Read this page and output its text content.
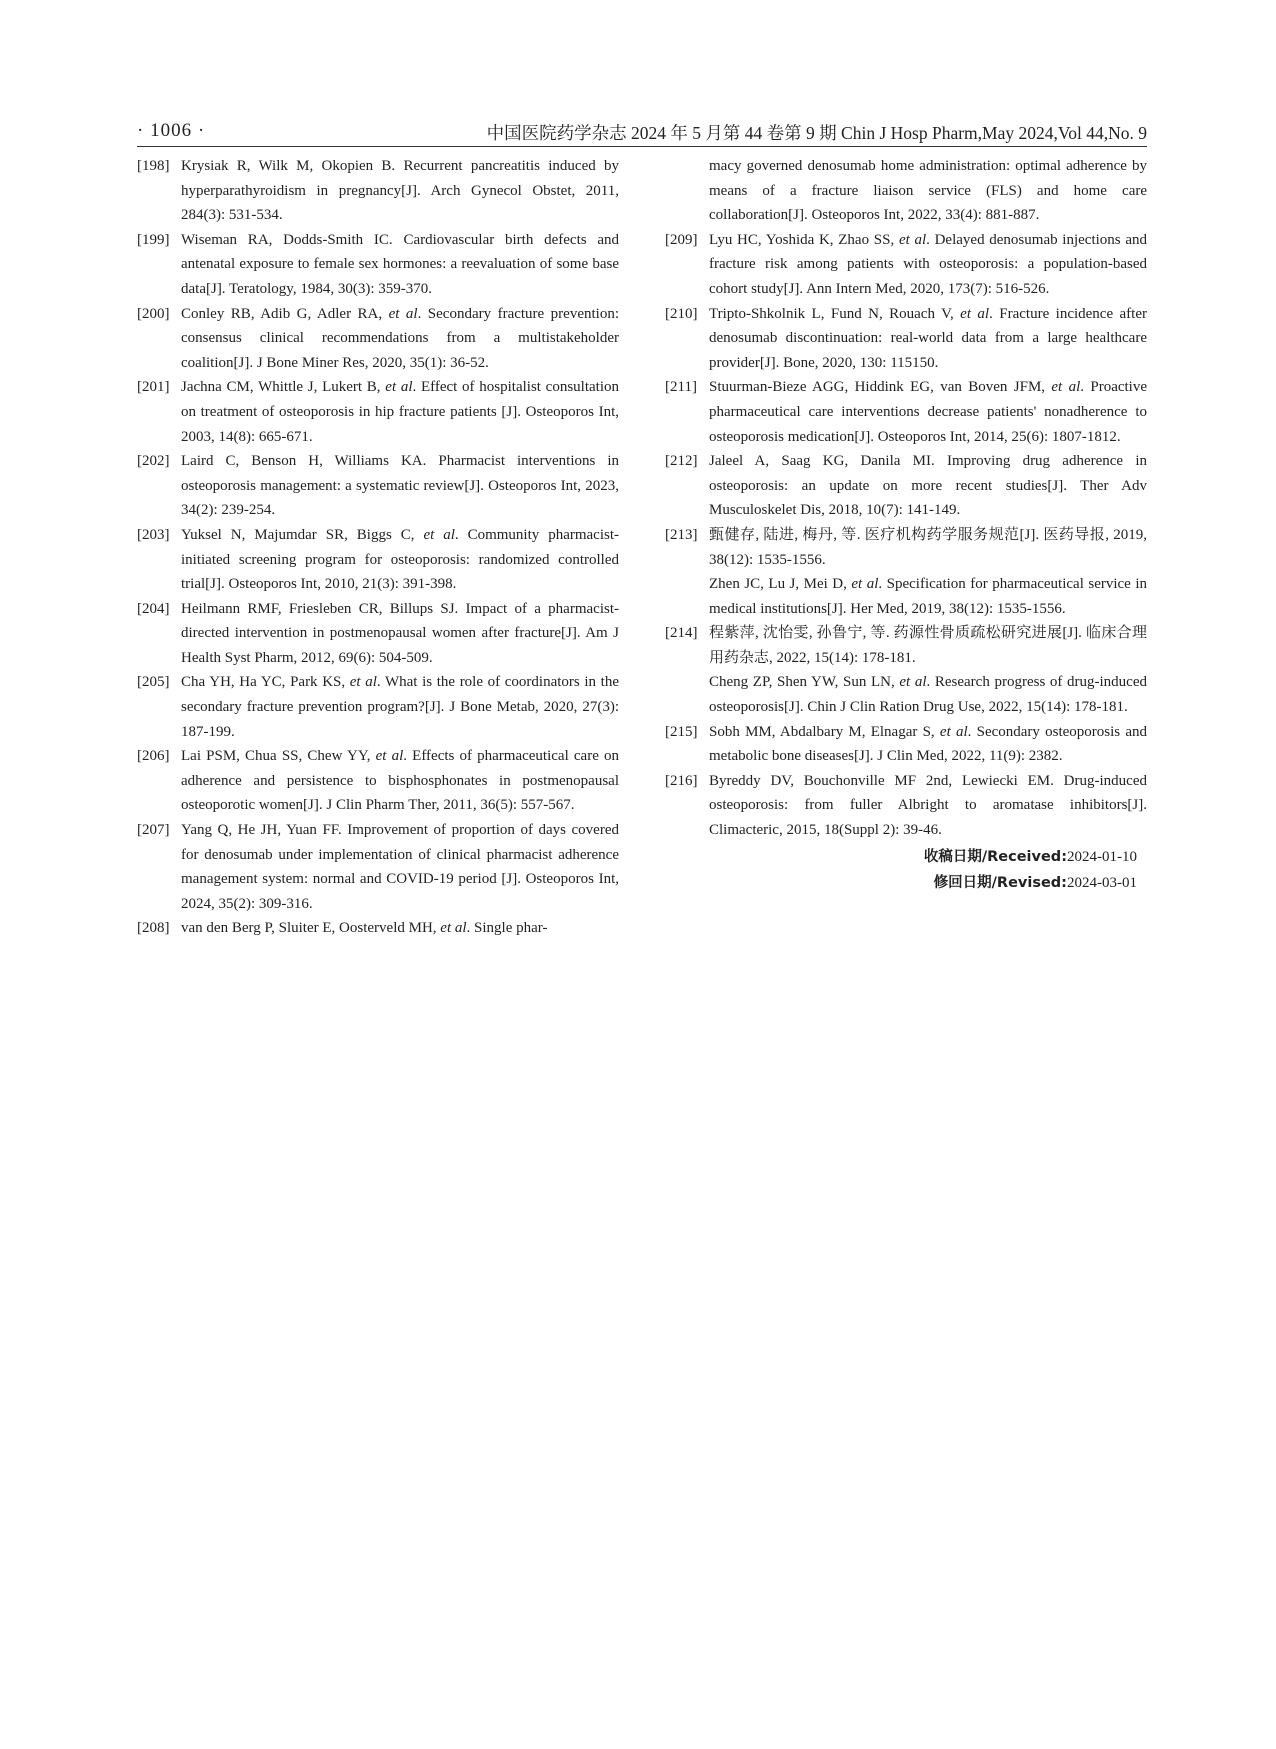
· 1006 ·	中国医院药学杂志 2024 年 5 月第 44 卷第 9 期 Chin J Hosp Pharm,May 2024,Vol 44,No. 9
[198] Krysiak R, Wilk M, Okopien B. Recurrent pancreatitis induced by hyperparathyroidism in pregnancy[J]. Arch Gynecol Obstet, 2011, 284(3): 531-534.
[199] Wiseman RA, Dodds-Smith IC. Cardiovascular birth defects and antenatal exposure to female sex hormones: a reevaluation of some base data[J]. Teratology, 1984, 30(3): 359-370.
[200] Conley RB, Adib G, Adler RA, et al. Secondary fracture prevention: consensus clinical recommendations from a multistakeholder coalition[J]. J Bone Miner Res, 2020, 35(1): 36-52.
[201] Jachna CM, Whittle J, Lukert B, et al. Effect of hospitalist consultation on treatment of osteoporosis in hip fracture patients [J]. Osteoporos Int, 2003, 14(8): 665-671.
[202] Laird C, Benson H, Williams KA. Pharmacist interventions in osteoporosis management: a systematic review[J]. Osteoporos Int, 2023, 34(2): 239-254.
[203] Yuksel N, Majumdar SR, Biggs C, et al. Community pharmacist-initiated screening program for osteoporosis: randomized controlled trial[J]. Osteoporos Int, 2010, 21(3): 391-398.
[204] Heilmann RMF, Friesleben CR, Billups SJ. Impact of a pharmacist-directed intervention in postmenopausal women after fracture[J]. Am J Health Syst Pharm, 2012, 69(6): 504-509.
[205] Cha YH, Ha YC, Park KS, et al. What is the role of coordinators in the secondary fracture prevention program?[J]. J Bone Metab, 2020, 27(3): 187-199.
[206] Lai PSM, Chua SS, Chew YY, et al. Effects of pharmaceutical care on adherence and persistence to bisphosphonates in postmenopausal osteoporotic women[J]. J Clin Pharm Ther, 2011, 36(5): 557-567.
[207] Yang Q, He JH, Yuan FF. Improvement of proportion of days covered for denosumab under implementation of clinical pharmacist adherence management system: normal and COVID-19 period [J]. Osteoporos Int, 2024, 35(2): 309-316.
[208] van den Berg P, Sluiter E, Oosterveld MH, et al. Single phar-
macy governed denosumab home administration: optimal adherence by means of a fracture liaison service (FLS) and home care collaboration[J]. Osteoporos Int, 2022, 33(4): 881-887.
[209] Lyu HC, Yoshida K, Zhao SS, et al. Delayed denosumab injections and fracture risk among patients with osteoporosis: a population-based cohort study[J]. Ann Intern Med, 2020, 173(7): 516-526.
[210] Tripto-Shkolnik L, Fund N, Rouach V, et al. Fracture incidence after denosumab discontinuation: real-world data from a large healthcare provider[J]. Bone, 2020, 130: 115150.
[211] Stuurman-Bieze AGG, Hiddink EG, van Boven JFM, et al. Proactive pharmaceutical care interventions decrease patients' nonadherence to osteoporosis medication[J]. Osteoporos Int, 2014, 25(6): 1807-1812.
[212] Jaleel A, Saag KG, Danila MI. Improving drug adherence in osteoporosis: an update on more recent studies[J]. Ther Adv Musculoskelet Dis, 2018, 10(7): 141-149.
[213] 甄健存, 陆进, 梅丹, 等. 医疗机构药学服务规范[J]. 医药导报, 2019, 38(12): 1535-1556.
Zhen JC, Lu J, Mei D, et al. Specification for pharmaceutical service in medical institutions[J]. Her Med, 2019, 38(12): 1535-1556.
[214] 程紫萍, 沈怡雯, 孙鲁宁, 等. 药源性骨质疏松研究进展[J]. 临床合理用药杂志, 2022, 15(14): 178-181.
Cheng ZP, Shen YW, Sun LN, et al. Research progress of drug-induced osteoporosis[J]. Chin J Clin Ration Drug Use, 2022, 15(14): 178-181.
[215] Sobh MM, Abdalbary M, Elnagar S, et al. Secondary osteoporosis and metabolic bone diseases[J]. J Clin Med, 2022, 11(9): 2382.
[216] Byreddy DV, Bouchonville MF 2nd, Lewiecki EM. Drug-induced osteoporosis: from fuller Albright to aromatase inhibitors[J]. Climacteric, 2015, 18(Suppl 2): 39-46.
收稿日期/Received:2024-01-10
修回日期/Revised:2024-03-01
